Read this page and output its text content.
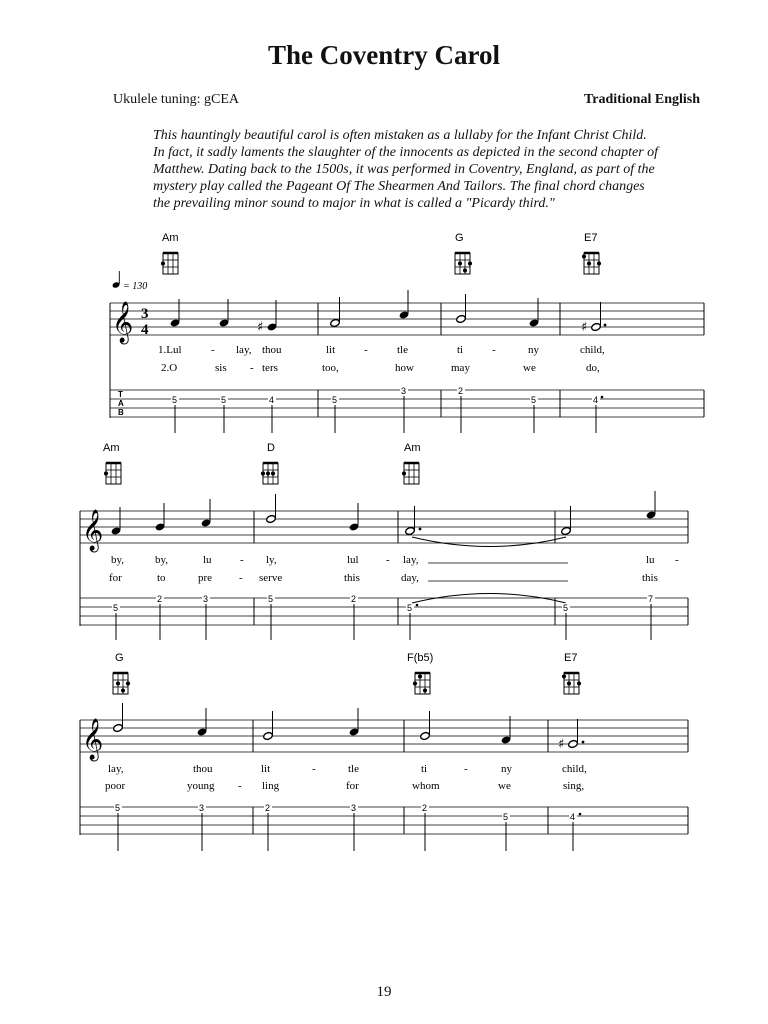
The Coventry Carol
Ukulele tuning: gCEA	Traditional English

This hauntingly beautiful carol is often mistaken as a lullaby for the Infant Christ Child.

In fact, it sadly laments the slaughter of the innocents as depicted in the second chapter of

Matthew. Dating back to the 1500s, it was performed in Coventry, England, as part of the

mystery play called the Pageant Of The Shearmen And Tailors. The final chord changes

the prevailing minor sound to major in what is called a "Picardy third."

Am	G	E7
= 130
𝄞 3
4	♯	♯
1.Lul	- lay, thou	lit	-	tle	ti	-	ny	child,
2.O	sis - ters	too,	how	may	we	do,
T
A
B
5	5	4	5
3	2
5	4
Am	D	Am
𝄞
by,	by,	lu	- ly,	lul - lay,	lu -
for	to	pre - serve	this	day,	this
5
2	3	5	2
5	5
7
G	F(b5)	E7
𝄞	♯
lay,	thou	lit	-	tle	ti	-	ny	child,
poor	young - ling	for	whom	we	sing,
5	3	2	3	2
5	4
19
